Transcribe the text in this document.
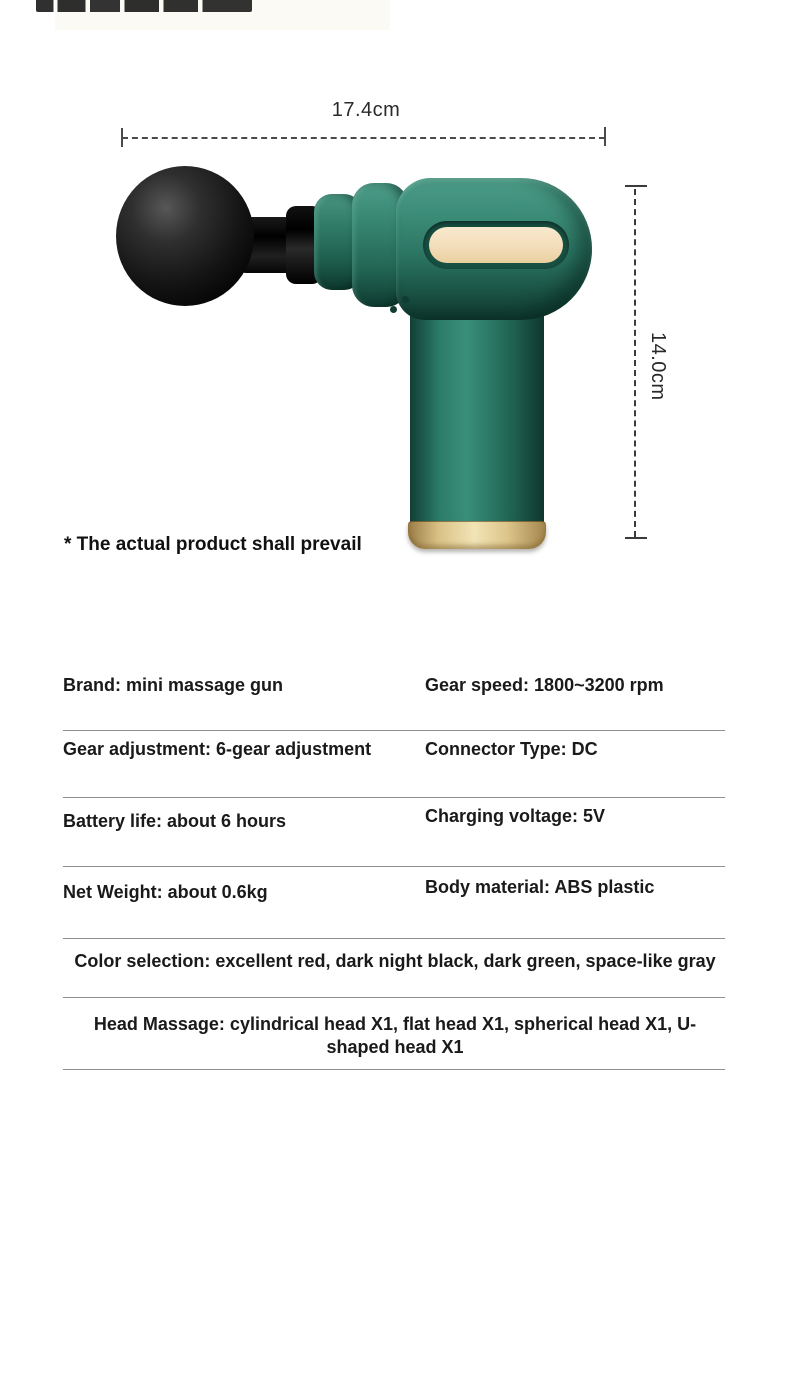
17.4cm
14.0cm
* The actual product shall prevail
Brand: mini massage gun	Gear speed: 1800~3200 rpm
Gear adjustment: 6-gear adjustment	Connector Type: DC
Battery life: about 6 hours	Charging voltage: 5V
Net Weight: about 0.6kg	Body material: ABS plastic
Color selection: excellent red, dark night black, dark green, space-like gray
Head Massage: cylindrical head X1, flat head X1, spherical head X1, U-shaped head X1
